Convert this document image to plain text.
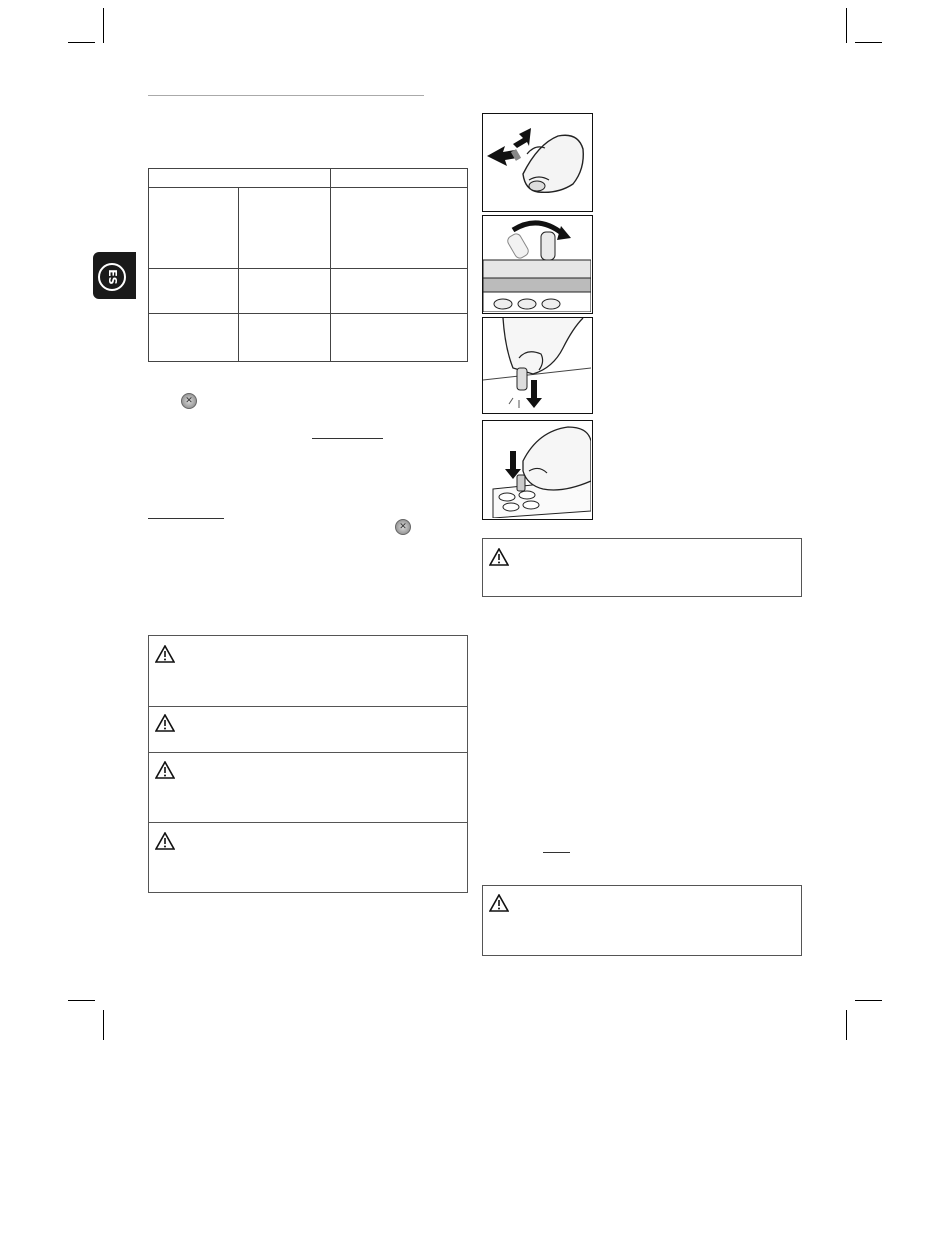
ES
✕
✕
